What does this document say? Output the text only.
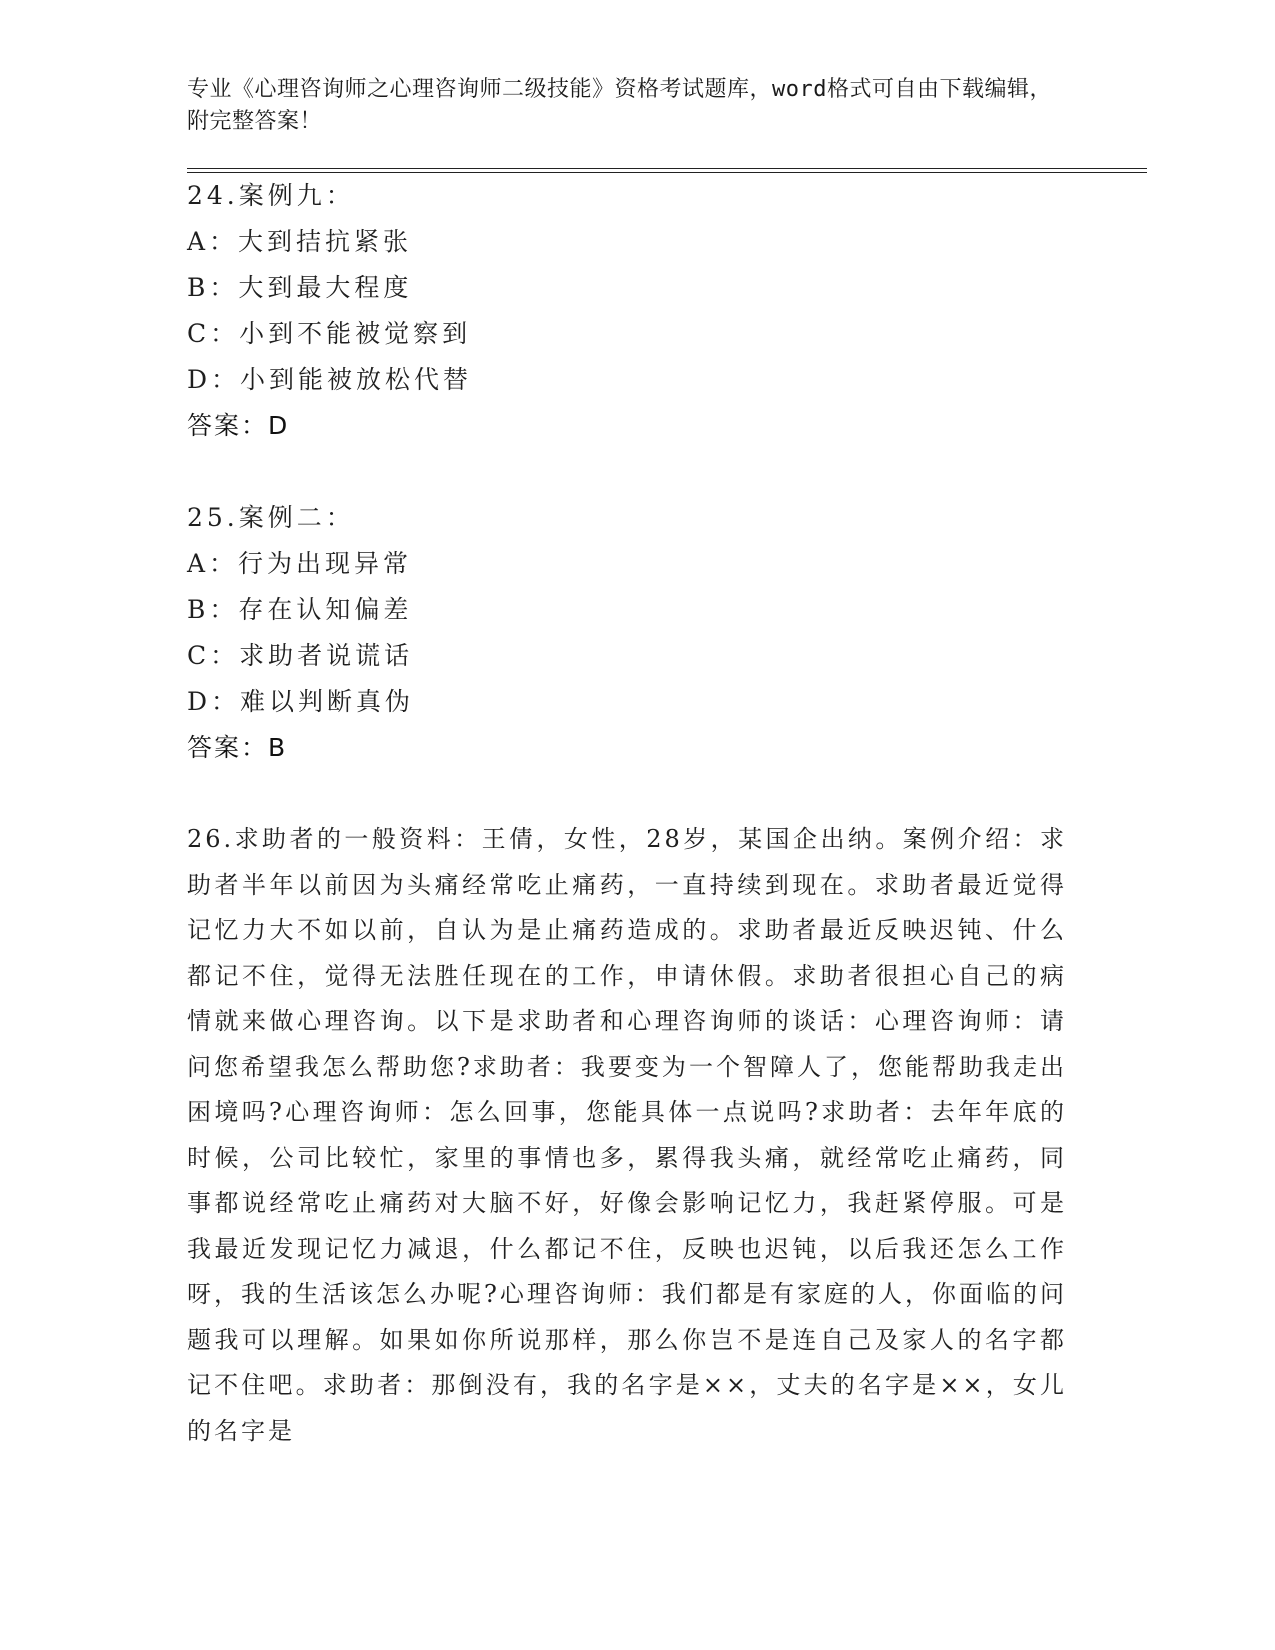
专业《心理咨询师之心理咨询师二级技能》资格考试题库，word格式可自由下载编辑，附完整答案！
24.案例九：
A：大到拮抗紧张
B：大到最大程度
C：小到不能被觉察到
D：小到能被放松代替
答案：D
25.案例二：
A：行为出现异常
B：存在认知偏差
C：求助者说谎话
D：难以判断真伪
答案：B
26.求助者的一般资料：王倩，女性，28岁，某国企出纳。案例介绍：求助者半年以前因为头痛经常吃止痛药，一直持续到现在。求助者最近觉得记忆力大不如以前，自认为是止痛药造成的。求助者最近反映迟钝、什么都记不住，觉得无法胜任现在的工作，申请休假。求助者很担心自己的病情就来做心理咨询。以下是求助者和心理咨询师的谈话：心理咨询师：请问您希望我怎么帮助您?求助者：我要变为一个智障人了，您能帮助我走出困境吗?心理咨询师：怎么回事，您能具体一点说吗?求助者：去年年底的时候，公司比较忙，家里的事情也多，累得我头痛，就经常吃止痛药，同事都说经常吃止痛药对大脑不好，好像会影响记忆力，我赶紧停服。可是我最近发现记忆力减退，什么都记不住，反映也迟钝，以后我还怎么工作呀，我的生活该怎么办呢?心理咨询师：我们都是有家庭的人，你面临的问题我可以理解。如果如你所说那样，那么你岂不是连自己及家人的名字都记不住吧。求助者：那倒没有，我的名字是××，丈夫的名字是××，女儿的名字是
